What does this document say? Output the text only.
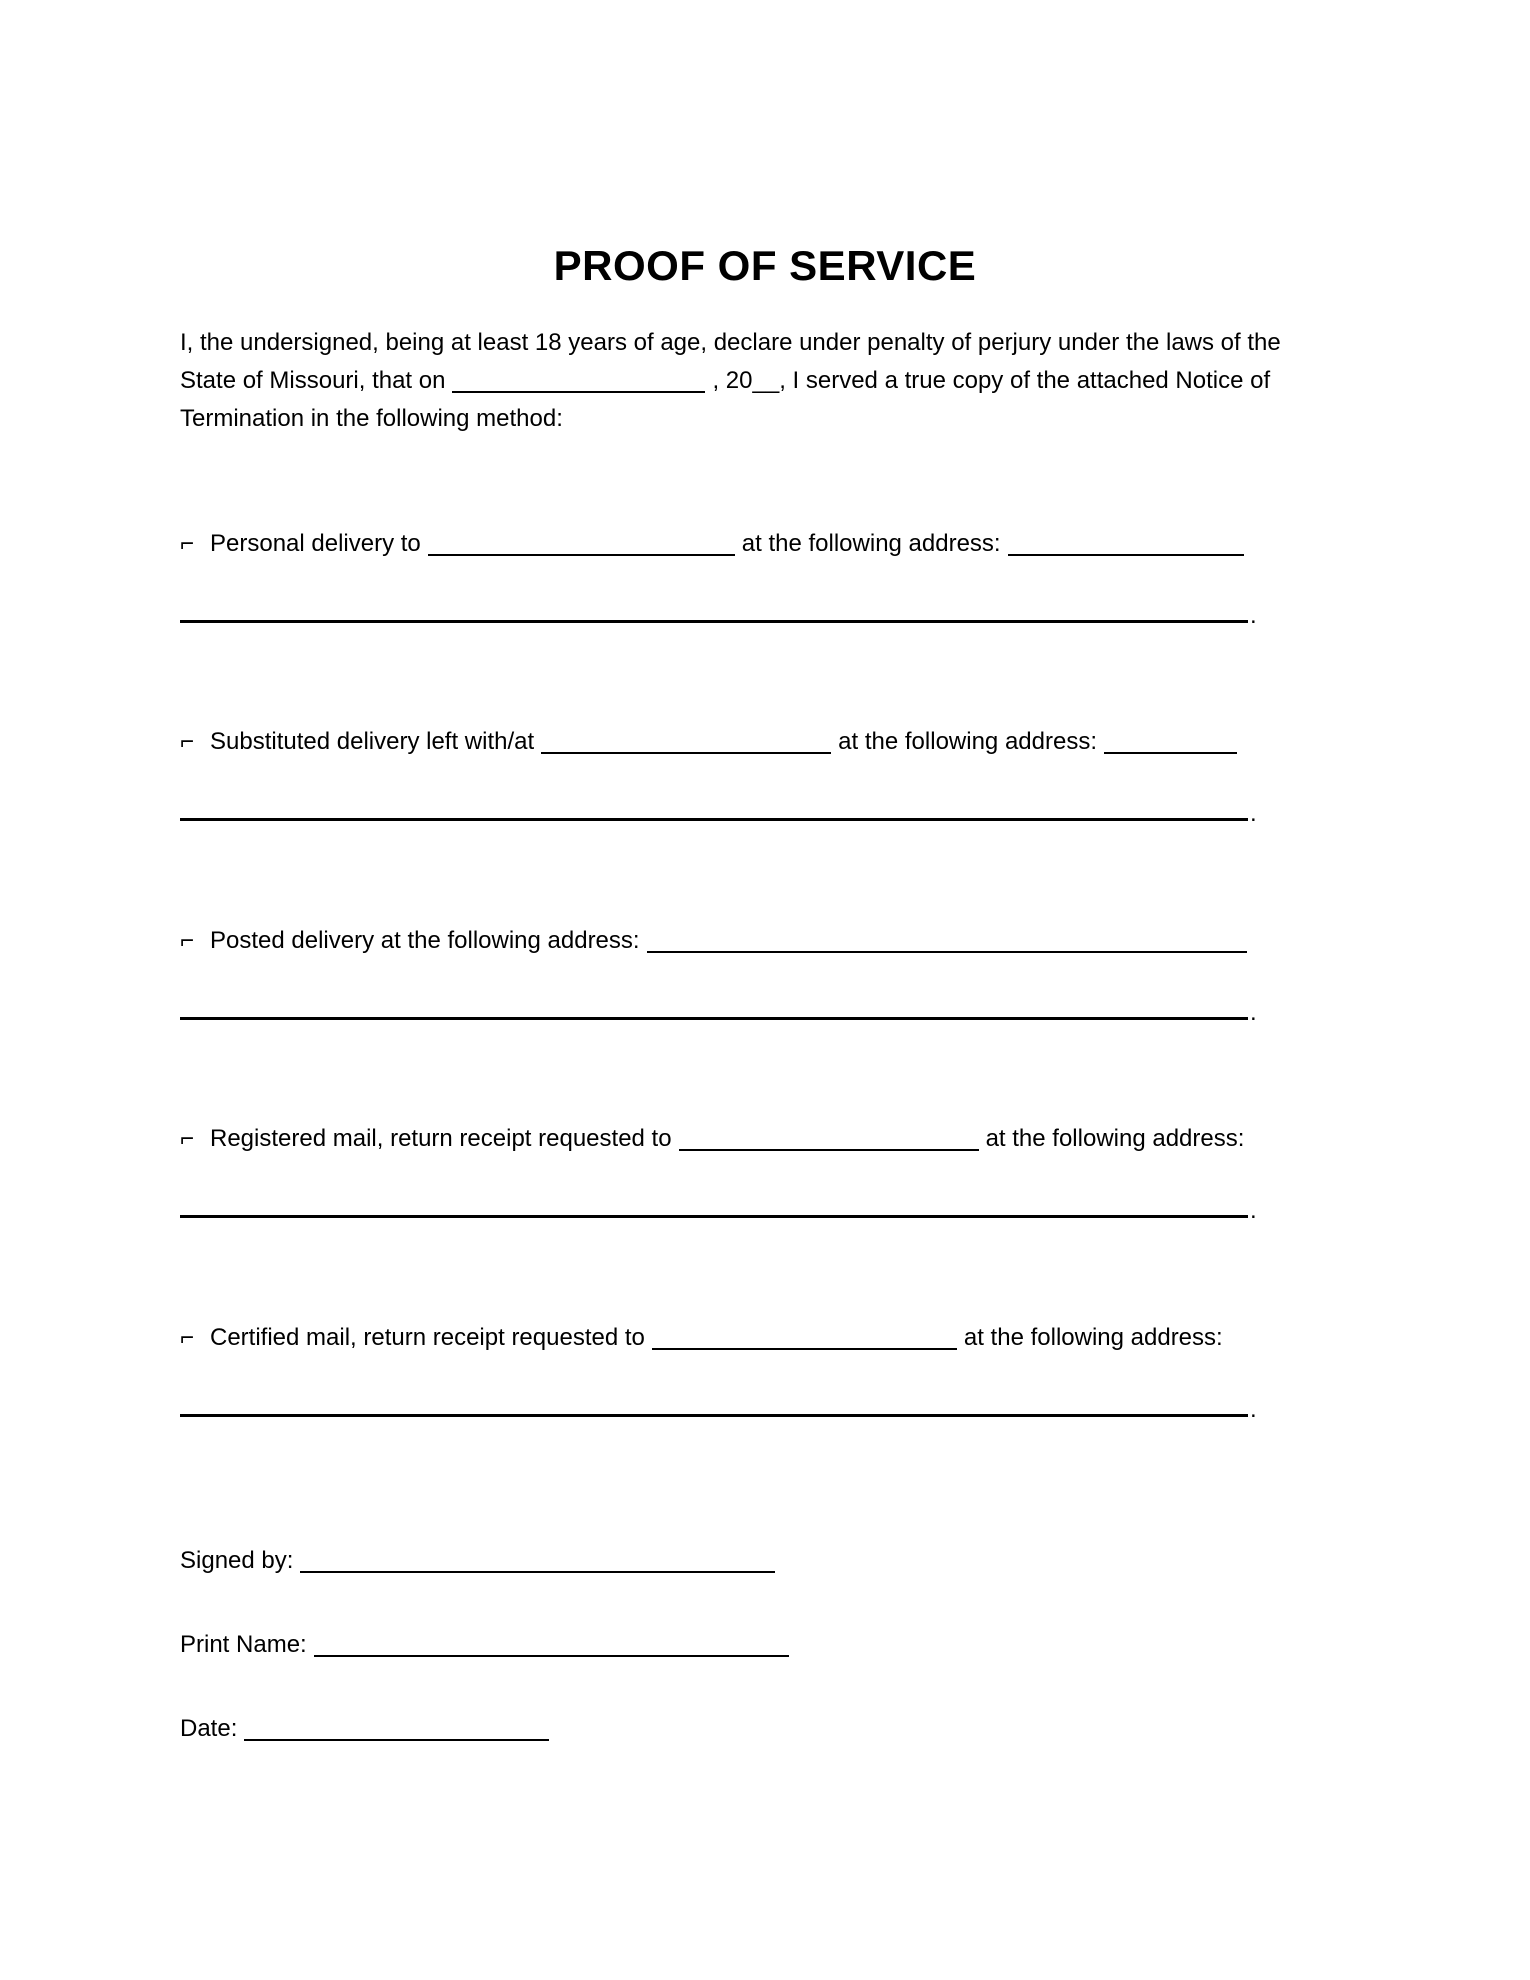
PROOF OF SERVICE
I, the undersigned, being at least 18 years of age, declare under penalty of perjury under the laws of the
State of Missouri, that on	, 20__, I served a true copy of the attached Notice of
Termination in the following method:
⌐ Personal delivery to	at the following address:
.
⌐ Substituted delivery left with/at	at the following address:
.
⌐ Posted delivery at the following address:
.
⌐ Registered mail, return receipt requested to	at the following address:
.
⌐ Certified mail, return receipt requested to	at the following address:
.
Signed by:
Print Name:
Date:
